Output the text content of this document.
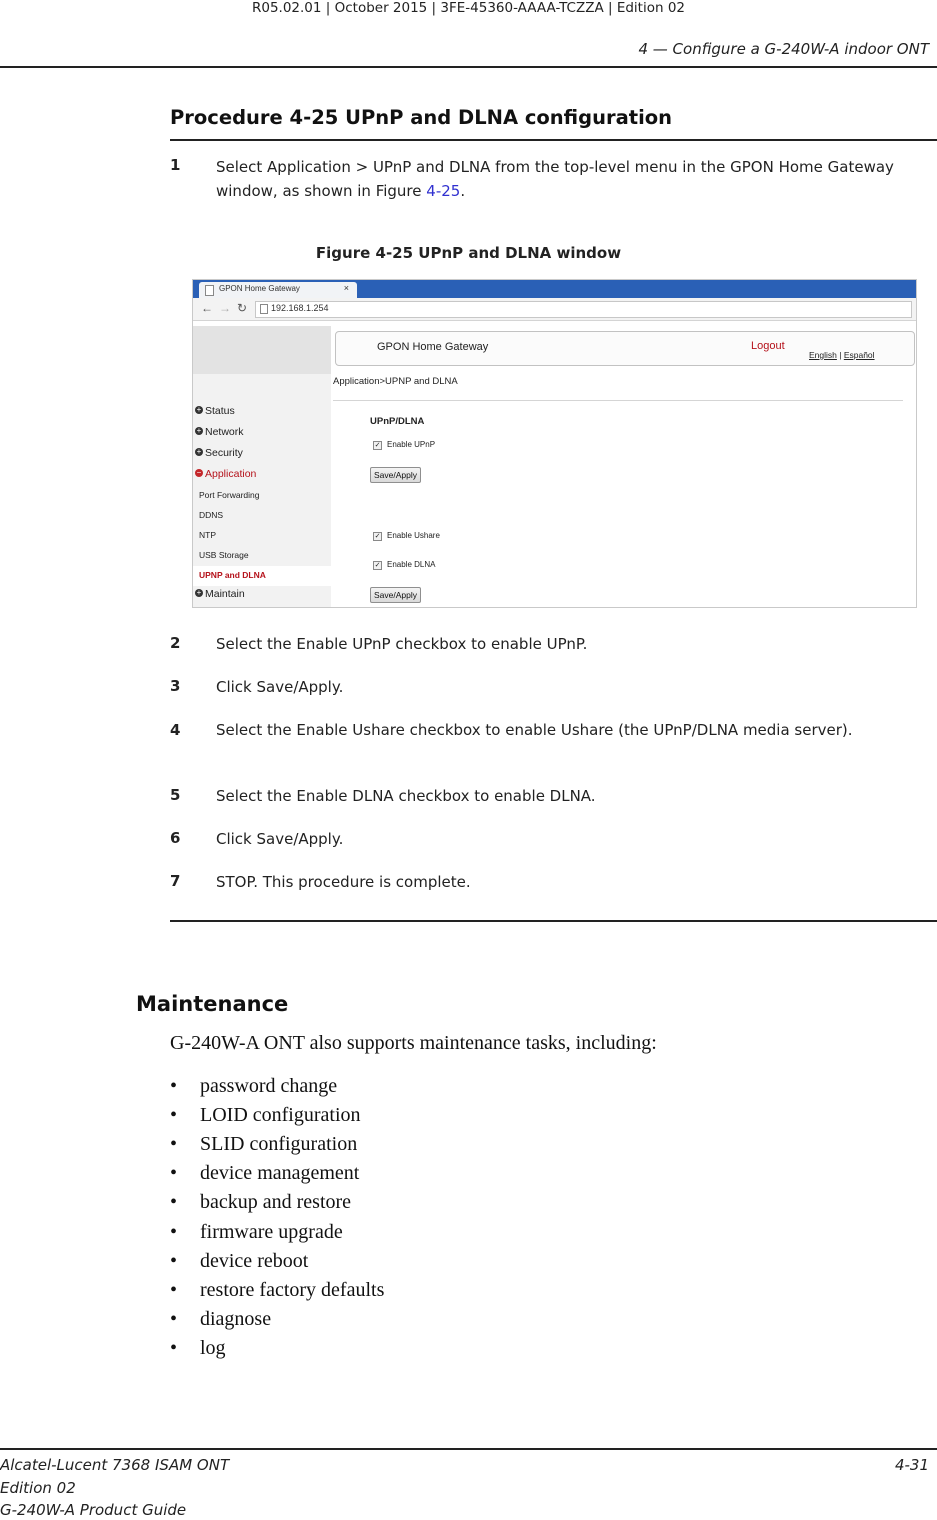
R05.02.01 | October 2015 | 3FE-45360-AAAA-TCZZA | Edition 02
4 — Configure a G-240W-A indoor ONT
Procedure 4-25 UPnP and DLNA configuration
1 Select Application > UPnP and DLNA from the top-level menu in the GPON Home Gateway window, as shown in Figure 4-25.
Figure 4-25 UPnP and DLNA window
GPON Home Gateway	×
← → ↻	192.168.1.254
GPON Home Gateway	Logout
English | Español
Application>UPNP and DLNA
+ Status
+ Network
+ Security
− Application
Port Forwarding
DDNS
NTP
USB Storage
UPNP and DLNA
+ Maintain
UPnP/DLNA
✓ Enable UPnP
Save/Apply
✓ Enable Ushare
✓ Enable DLNA
Save/Apply
2 Select the Enable UPnP checkbox to enable UPnP.
3 Click Save/Apply.
4 Select the Enable Ushare checkbox to enable Ushare (the UPnP/DLNA media server).
5 Select the Enable DLNA checkbox to enable DLNA.
6 Click Save/Apply.
7 STOP. This procedure is complete.
Maintenance
G-240W-A ONT also supports maintenance tasks, including:
• password change
• LOID configuration
• SLID configuration
• device management
• backup and restore
• firmware upgrade
• device reboot
• restore factory defaults
• diagnose
• log
Alcatel-Lucent 7368 ISAM ONT
Edition 02
G-240W-A Product Guide
4-31
